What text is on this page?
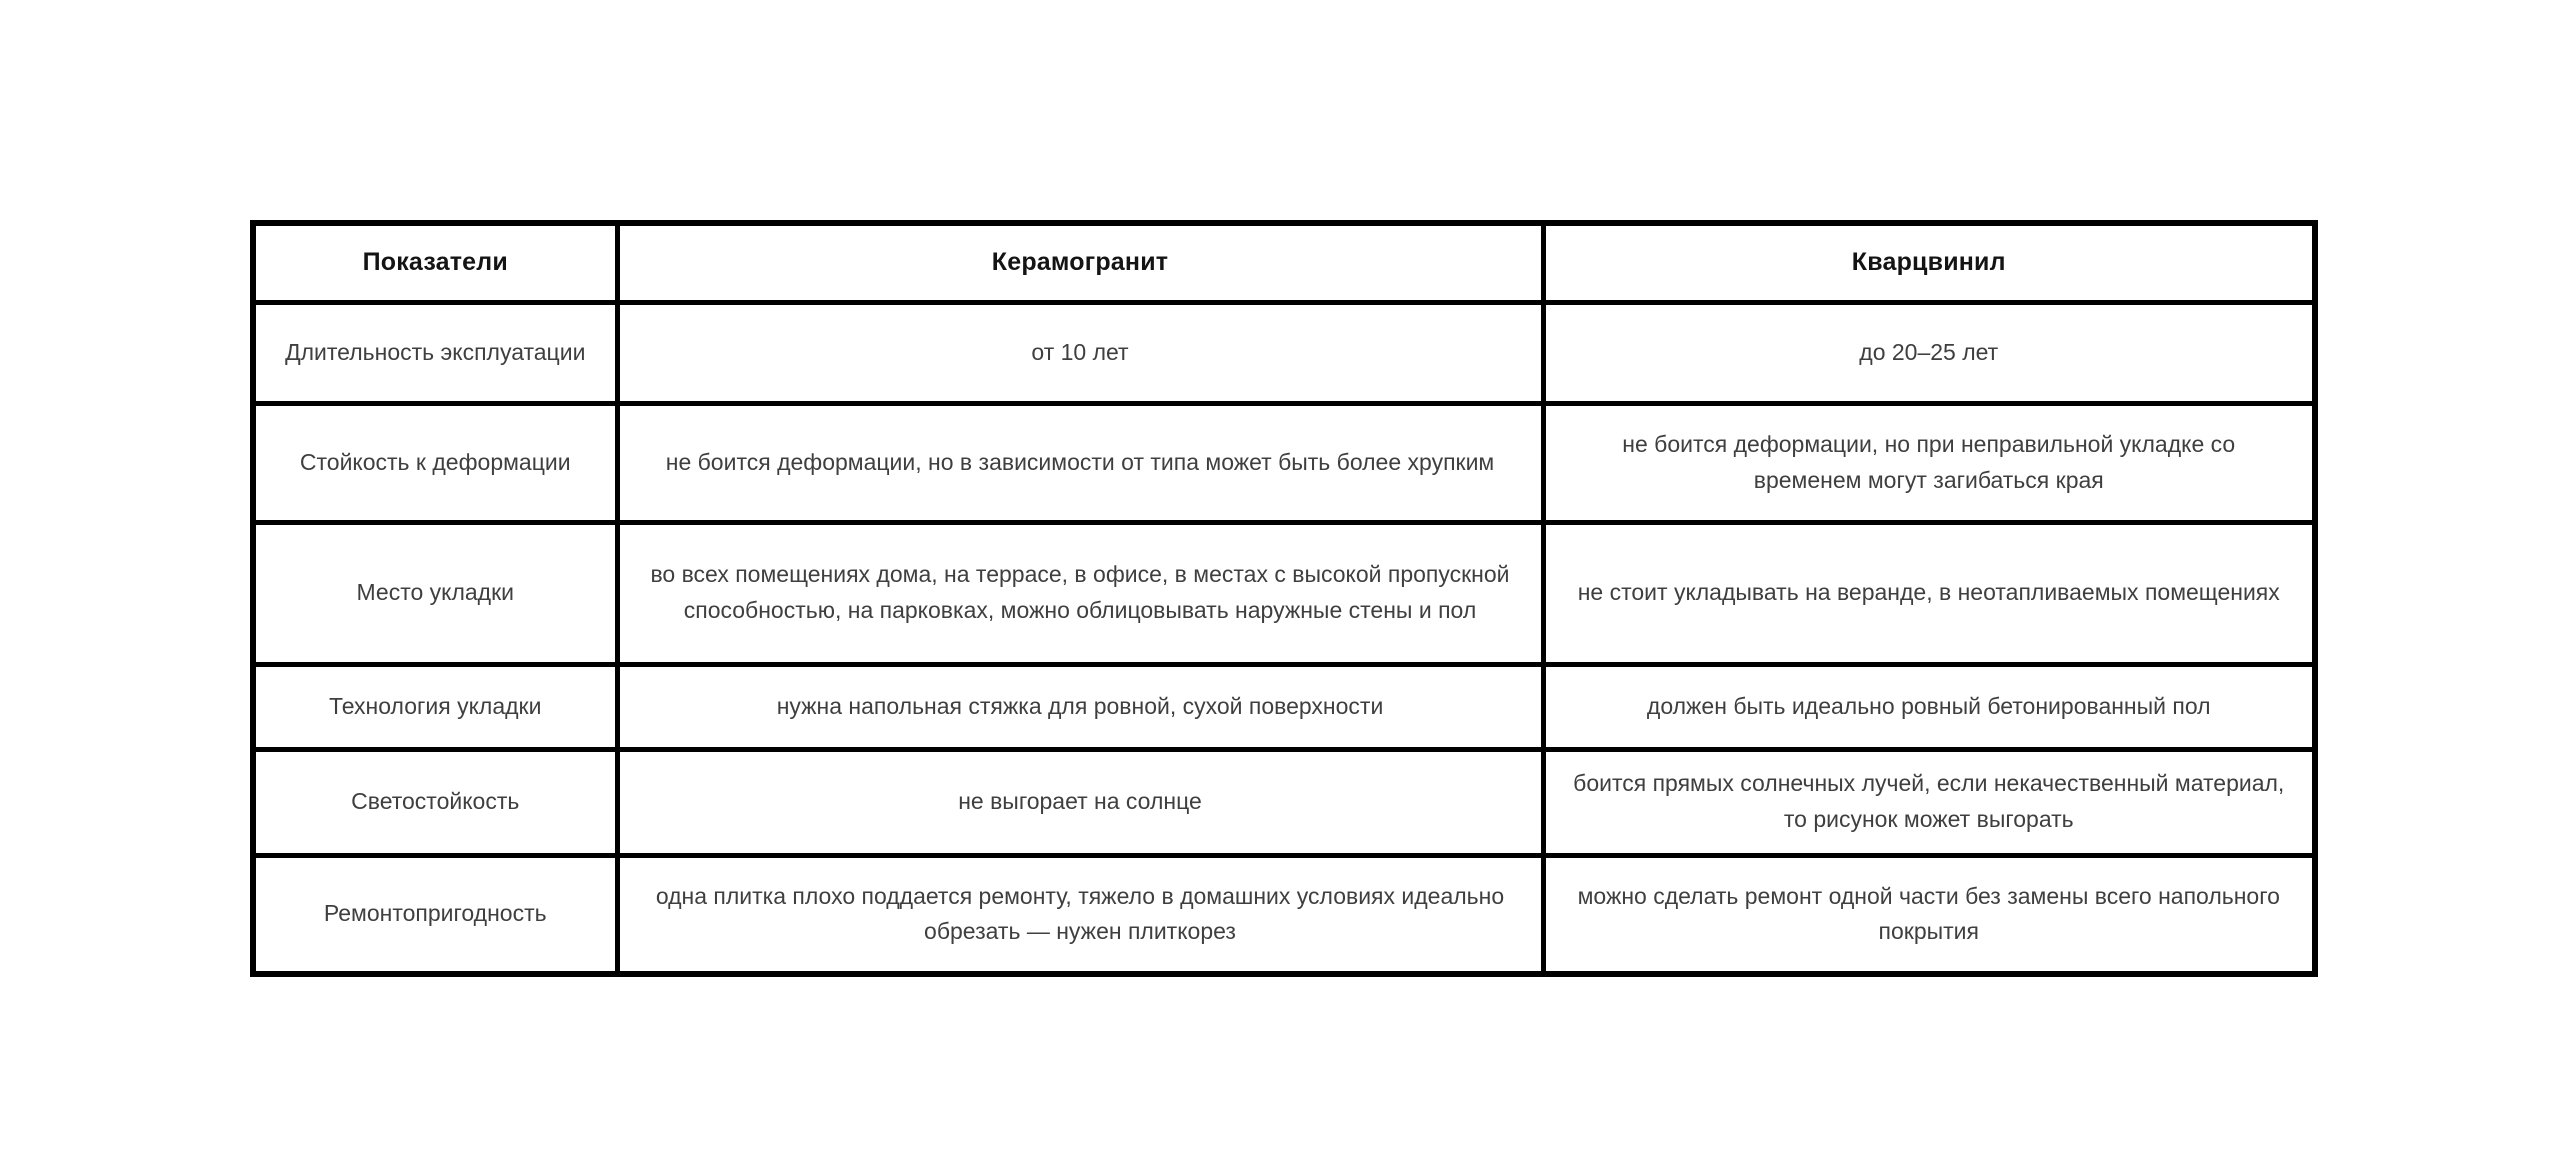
Показатели	Керамогранит	Кварцвинил
Длительность эксплуатации	от 10 лет	до 20–25 лет
Стойкость к деформации	не боится деформации, но в зависимости от типа может быть более хрупким	не боится деформации, но при неправильной укладке со временем могут загибаться края
Место укладки	во всех помещениях дома, на террасе, в офисе, в местах с высокой пропускной способностью, на парковках, можно облицовывать наружные стены и пол	не стоит укладывать на веранде, в неотапливаемых помещениях
Технология укладки	нужна напольная стяжка для ровной, сухой поверхности	должен быть идеально ровный бетонированный пол
Светостойкость	не выгорает на солнце	боится прямых солнечных лучей, если некачественный материал, то рисунок может выгорать
Ремонтопригодность	одна плитка плохо поддается ремонту, тяжело в домашних условиях идеально обрезать — нужен плиткорез	можно сделать ремонт одной части без замены всего напольного покрытия
